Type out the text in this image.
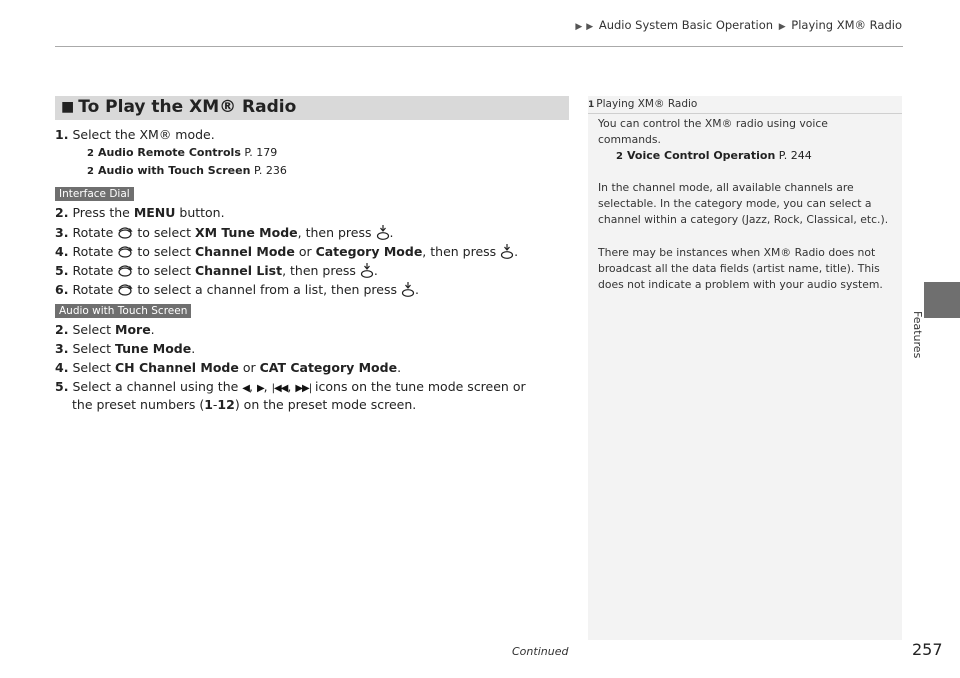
▶ ▶ Audio System Basic Operation ▶ Playing XM® Radio
Features
■ To Play the XM® Radio
1. Select the XM® mode.
2 Audio Remote Controls P. 179
2 Audio with Touch Screen P. 236
Interface Dial
2. Press the MENU button.
3. Rotate  to select XM Tune Mode, then press .
4. Rotate  to select Channel Mode or Category Mode, then press .
5. Rotate  to select Channel List, then press .
6. Rotate  to select a channel from a list, then press .
Audio with Touch Screen
2. Select More.
3. Select Tune Mode.
4. Select CH Channel Mode or CAT Category Mode.
5. Select a channel using the ◀, ▶, |◀◀, ▶▶| icons on the tune mode screen or
the preset numbers (1-12) on the preset mode screen.
1 Playing XM® Radio
You can control the XM® radio using voice
commands.
2 Voice Control Operation P. 244
In the channel mode, all available channels are
selectable. In the category mode, you can select a
channel within a category (Jazz, Rock, Classical, etc.).
There may be instances when XM® Radio does not
broadcast all the data fields (artist name, title). This
does not indicate a problem with your audio system.
Continued	257
